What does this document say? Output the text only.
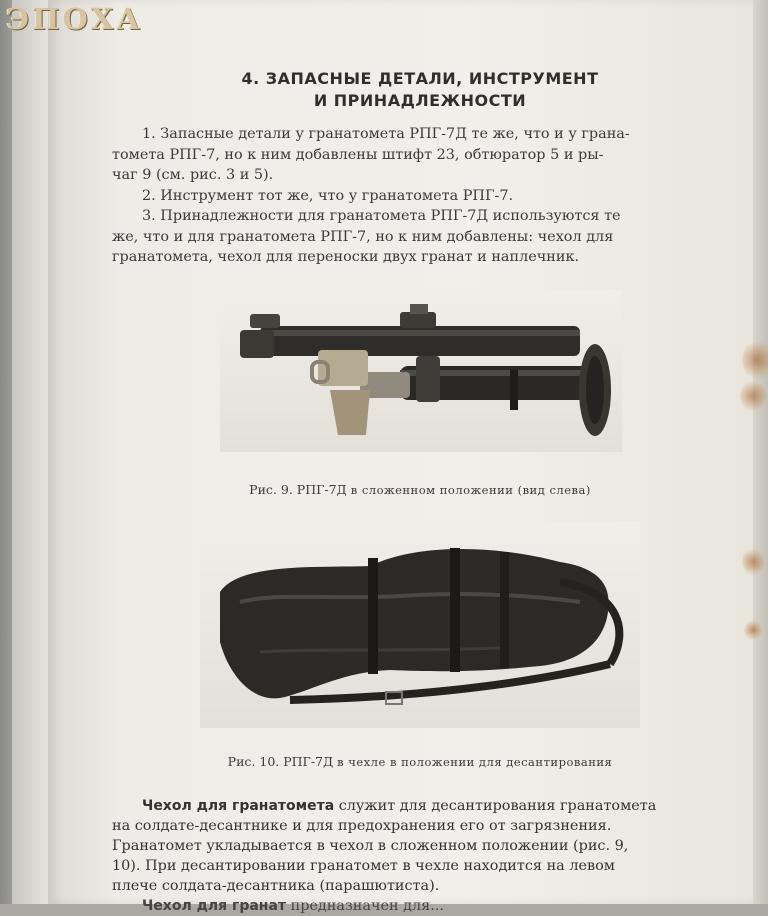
ЭПОХА
4. ЗАПАСНЫЕ ДЕТАЛИ, ИНСТРУМЕНТ
И ПРИНАДЛЕЖНОСТИ

1. Запасные детали у гранатомета РПГ-7Д те же, что и у грана-

томета РПГ-7, но к ним добавлены штифт 23, обтюратор 5 и ры-

чаг 9 (см. рис. 3 и 5).

2. Инструмент тот же, что у гранатомета РПГ-7.

3. Принадлежности для гранатомета РПГ-7Д используются те

же, что и для гранатомета РПГ-7, но к ним добавлены: чехол для

гранатомета, чехол для переноски двух гранат и наплечник.

Рис. 9. РПГ-7Д в сложенном положении (вид слева)
Рис. 10. РПГ-7Д в чехле в положении для десантирования

Чехол для гранатомета служит для десантирования гранатомета

на солдате-десантнике и для предохранения его от загрязнения.

Гранатомет укладывается в чехол в сложенном положении (рис. 9,

10). При десантировании гранатомет в чехле находится на левом

плече солдата-десантника (парашютиста).

Чехол для гранат предназначен для...
